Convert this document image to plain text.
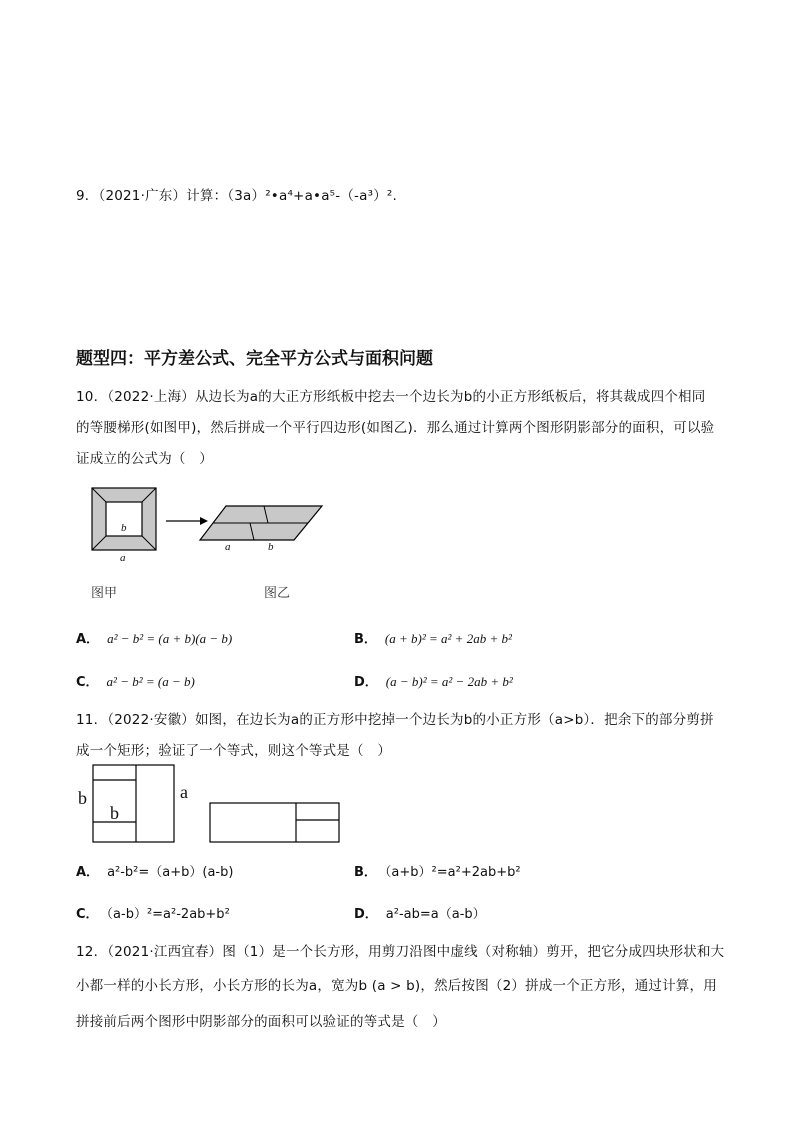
9．（2021·广东）计算：（3a）²•a⁴+a•a⁵-（-a³）².
题型四：平方差公式、完全平方公式与面积问题
10．（2022·上海）从边长为a的大正方形纸板中挖去一个边长为b的小正方形纸板后，将其裁成四个相同
的等腰梯形(如图甲)，然后拼成一个平行四边形(如图乙)．那么通过计算两个图形阴影部分的面积，可以验
证成立的公式为（　）
b
a
a	b
图甲	图乙
A． a² − b² = (a + b)(a − b)	B． (a + b)² = a² + 2ab + b²
C． a² − b² = (a − b)	D． (a − b)² = a² − 2ab + b²
11．（2022·安徽）如图，在边长为a的正方形中挖掉一个边长为b的小正方形（a>b）．把余下的部分剪拼
成一个矩形；验证了一个等式，则这个等式是（　）
b
b
a
A． a²-b²=（a+b）(a-b)	B． （a+b）²=a²+2ab+b²
C． （a-b）²=a²-2ab+b²	D． a²-ab=a（a-b）
12．（2021·江西宜春）图（1）是一个长方形，用剪刀沿图中虚线（对称轴）剪开，把它分成四块形状和大
小都一样的小长方形，小长方形的长为a，宽为b (a > b)，然后按图（2）拼成一个正方形，通过计算，用
拼接前后两个图形中阴影部分的面积可以验证的等式是（　）
